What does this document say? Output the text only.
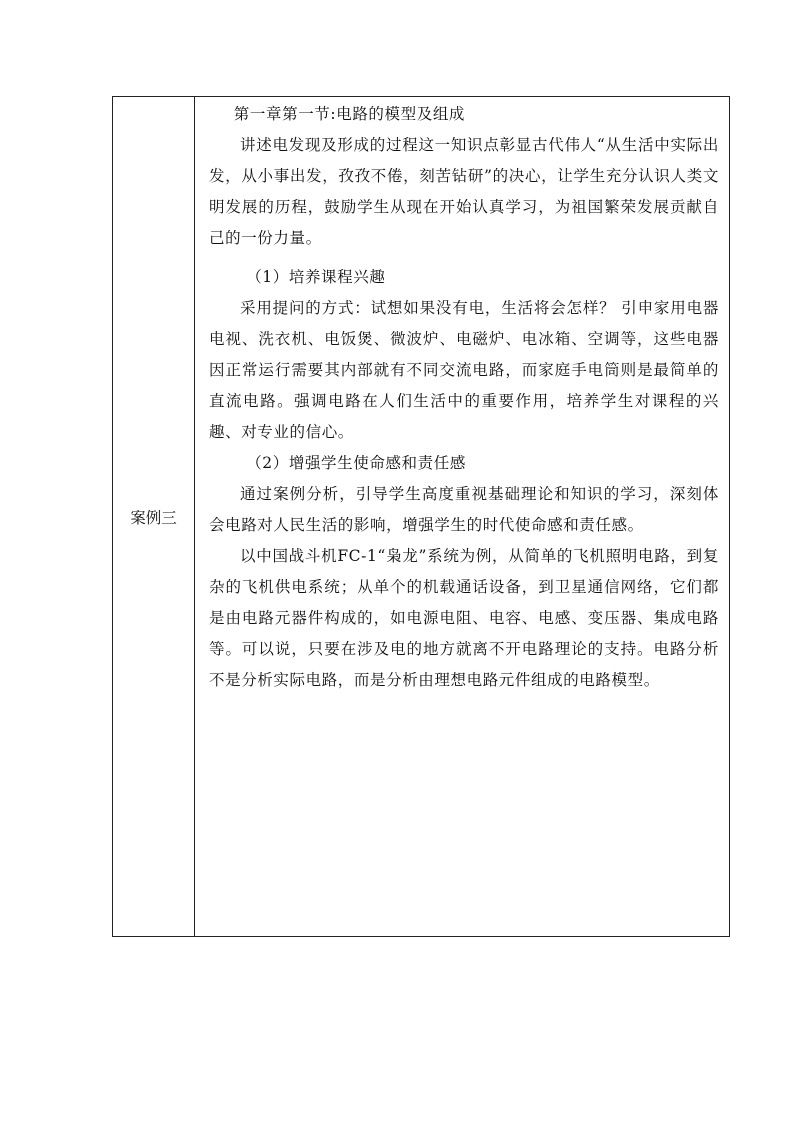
案例三

第一章第一节:电路的模型及组成

讲述电发现及形成的过程这一知识点彰显古代伟人“从生活中实际出发，从小事出发，孜孜不倦，刻苦钻研”的决心，让学生充分认识人类文明发展的历程，鼓励学生从现在开始认真学习，为祖国繁荣发展贡献自己的一份力量。

（1）培养课程兴趣

采用提问的方式：试想如果没有电，生活将会怎样？ 引申家用电器电视、洗衣机、电饭煲、微波炉、电磁炉、电冰箱、空调等，这些电器因正常运行需要其内部就有不同交流电路，而家庭手电筒则是最简单的直流电路。强调电路在人们生活中的重要作用，培养学生对课程的兴趣、对专业的信心。

（2）增强学生使命感和责任感

通过案例分析，引导学生高度重视基础理论和知识的学习，深刻体会电路对人民生活的影响，增强学生的时代使命感和责任感。

以中国战斗机FC-1“枭龙”系统为例，从简单的飞机照明电路，到复杂的飞机供电系统；从单个的机载通话设备，到卫星通信网络，它们都是由电路元器件构成的，如电源电阻、电容、电感、变压器、集成电路等。可以说，只要在涉及电的地方就离不开电路理论的支持。电路分析不是分析实际电路，而是分析由理想电路元件组成的电路模型。
